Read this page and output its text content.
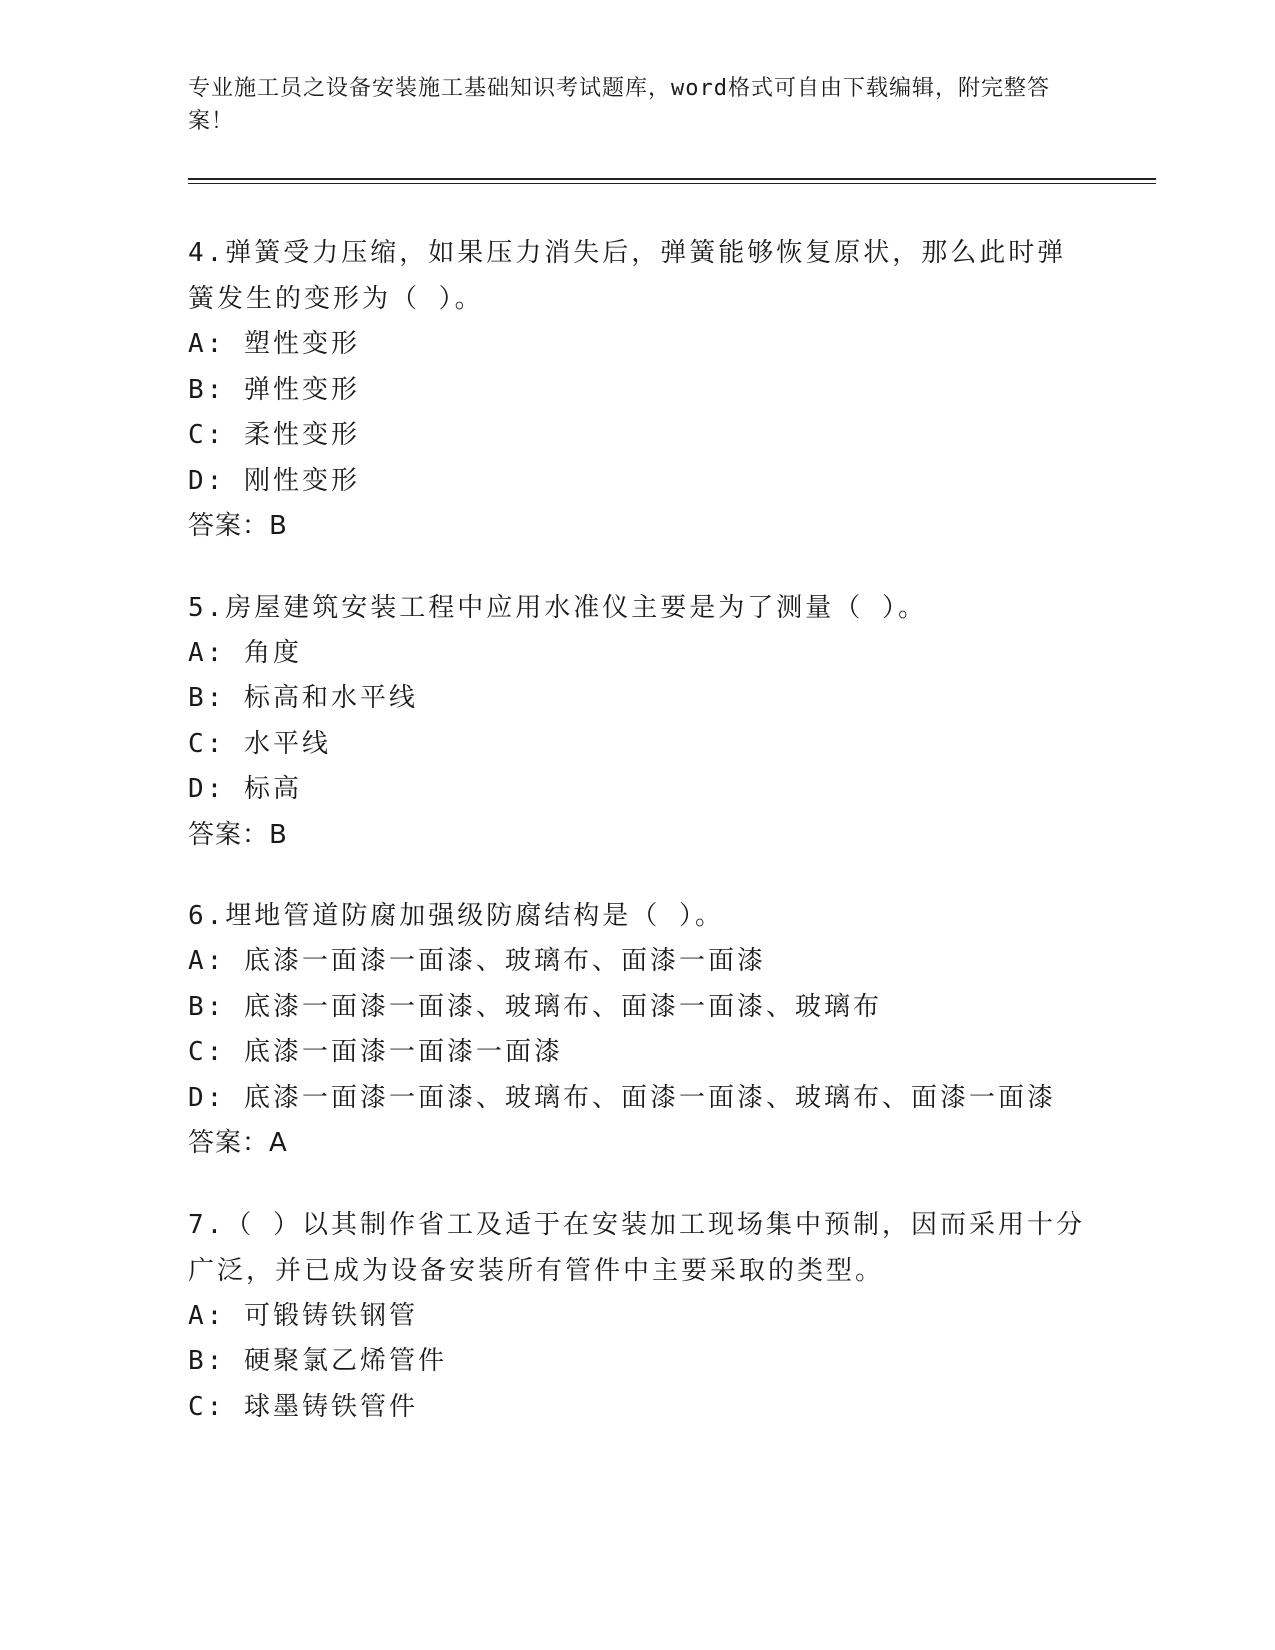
专业施工员之设备安装施工基础知识考试题库，word格式可自由下载编辑，附完整答案！
4.弹簧受力压缩，如果压力消失后，弹簧能够恢复原状，那么此时弹簧发生的变形为（ ）。
A: 塑性变形
B: 弹性变形
C: 柔性变形
D: 刚性变形
答案：B
5.房屋建筑安装工程中应用水准仪主要是为了测量（ ）。
A: 角度
B: 标高和水平线
C: 水平线
D: 标高
答案：B
6.埋地管道防腐加强级防腐结构是（ ）。
A: 底漆一面漆一面漆、玻璃布、面漆一面漆
B: 底漆一面漆一面漆、玻璃布、面漆一面漆、玻璃布
C: 底漆一面漆一面漆一面漆
D: 底漆一面漆一面漆、玻璃布、面漆一面漆、玻璃布、面漆一面漆
答案：A
7.（ ）以其制作省工及适于在安装加工现场集中预制，因而采用十分广泛，并已成为设备安装所有管件中主要采取的类型。
A: 可锻铸铁钢管
B: 硬聚氯乙烯管件
C: 球墨铸铁管件
